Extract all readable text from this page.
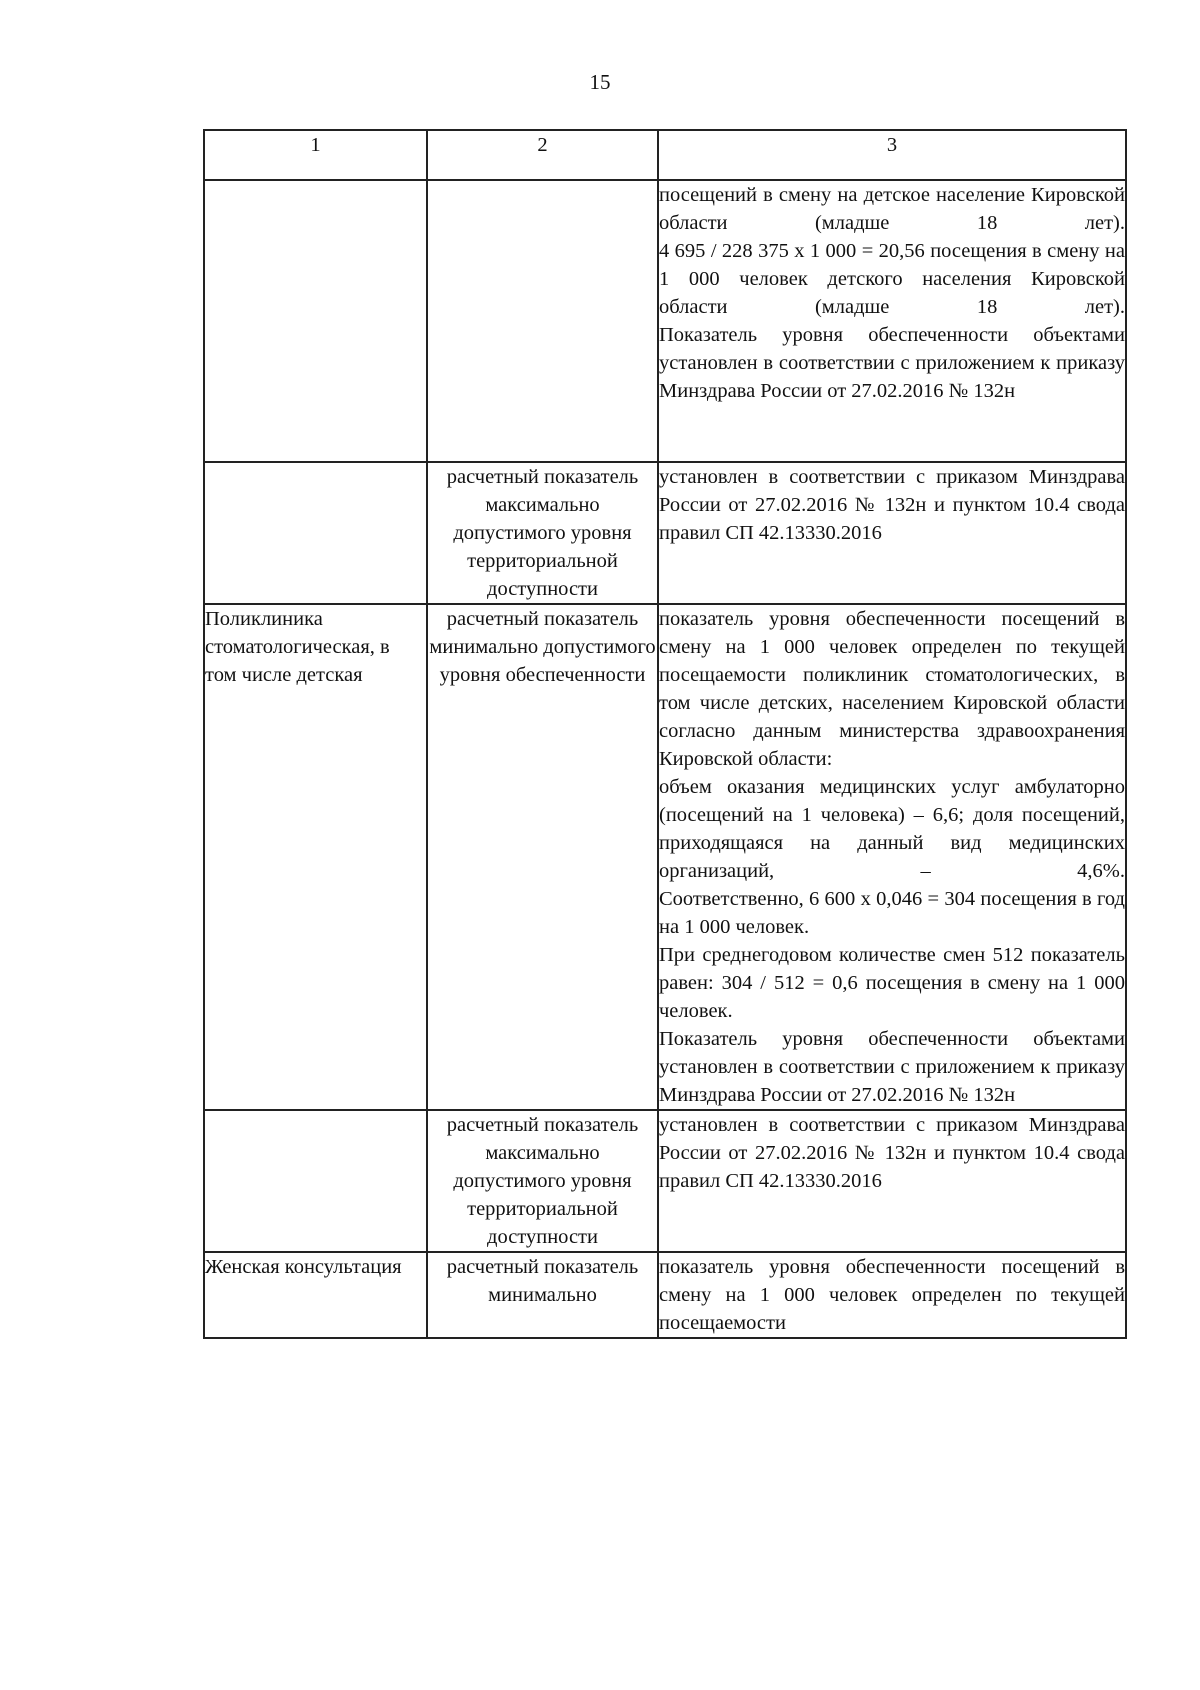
15
1	2	3

		посещений в смену на детское население Кировской области (младше 18 лет).

4 695 / 228 375 x 1 000 = 20,56 посещения в смену на 1 000 человек детского населения Кировской области (младше 18 лет).

Показатель уровня обеспеченности объектами установлен в соответствии с приложением к приказу Минздрава России от 27.02.2016 № 132н

	расчетный показатель максимально допустимого уровня территориальной доступности	установлен в соответствии с приказом Минздрава России от 27.02.2016 № 132н и пунктом 10.4 свода правил СП 42.13330.2016

Поликлиника стоматологическая, в том числе детская	расчетный показатель минимально допустимого уровня обеспеченности	показатель уровня обеспеченности посещений в смену на 1 000 человек определен по текущей посещаемости поликлиник стоматологических, в том числе детских, населением Кировской области согласно данным министерства здравоохранения Кировской области:

объем оказания медицинских услуг амбулаторно (посещений на 1 человека) – 6,6; доля посещений, приходящаяся на данный вид медицинских организаций, – 4,6%.

Соответственно, 6 600 x 0,046 = 304 посещения в год на 1 000 человек.

При среднегодовом количестве смен 512 показатель равен: 304 / 512 = 0,6 посещения в смену на 1 000 человек.

Показатель уровня обеспеченности объектами установлен в соответствии с приложением к приказу Минздрава России от 27.02.2016 № 132н

	расчетный показатель максимально допустимого уровня территориальной доступности	установлен в соответствии с приказом Минздрава России от 27.02.2016 № 132н и пунктом 10.4 свода правил СП 42.13330.2016

Женская консультация	расчетный показатель минимально	показатель уровня обеспеченности посещений в смену на 1 000 человек определен по текущей посещаемости
